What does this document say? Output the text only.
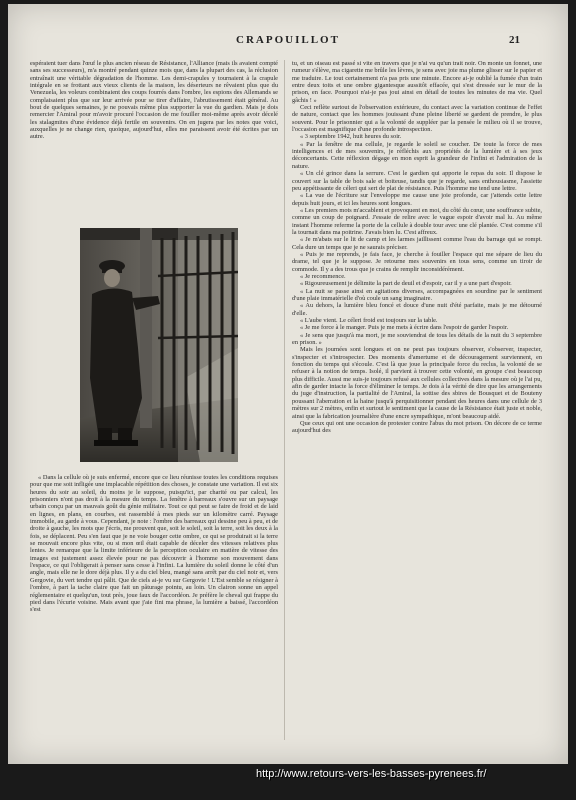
CRAPOUILLOT	21

espéraient tuer dans l'œuf le plus ancien réseau de Résistance, l'Alliance (mais ils avaient compté sans ses successeurs), m'a montré pendant quinze mois que, dans la plupart des cas, la réclusion entraînait une véritable dégradation de l'homme. Les demi-crapules y tournaient à la crapule intégrale en se frottant aux vieux clients de la maison, les déserteurs ne rêvaient plus que du Venezuela, les voleurs combinaient des coups fourrés dans l'ombre, les espions des Allemands se complaisaient plus que sur leur arrivée pour se tirer d'affaire, l'abrutissement était général. Au bout de quelques semaines, je ne pouvais même plus supporter la vue du gardien. Mais je dois remercier l'Amiral pour m'avoir procuré l'occasion de me fouiller moi-même après avoir décelé les stalagmites d'une évidence déjà fertile en souvenirs. On en jugera par les notes que voici, auxquelles je ne change rien, quoique, aujourd'hui, elles me paraissent avoir été écrites par un autre.

« Dans la cellule où je suis enfermé, encore que ce lieu réunisse toutes les conditions requises pour que me soit infligée une implacable répétition des choses, je constate une variation. Il est six heures du soir au soleil, du moins je le suppose, puisqu'ici, par charité ou par calcul, les prisonniers n'ont pas droit à la mesure du temps. La fenêtre à barreaux s'ouvre sur un paysage urbain conçu par un mauvais goût du génie militaire. Tout ce qui peut se faire de froid et de laid en lignes, en plans, en courbes, est rassemblé à mes pieds sur un kilomètre carré. Paysage immobile, au garde à vous. Cependant, je note : l'ombre des barreaux qui dessine peu à peu, et de droite à gauche, les mots que j'écris, me prouvent que, soit le soleil, soit la terre, soit les deux à la fois, se déplacent. Peu s'en faut que je ne voie bouger cette ombre, ce qui se produirait si la terre se mouvait encore plus vite, ou si mon œil était capable de déceler des vitesses relatives plus lentes. Je remarque que la limite inférieure de la perception oculaire en matière de vitesse des images est justement assez élevée pour ne pas découvrir à l'homme son mouvement dans l'espace, ce qui l'obligerait à penser sans cesse à l'infini. La lumière du soleil donne le côté d'un angle, mais elle ne le dore déjà plus. Il y a du ciel bleu, mangé sans arrêt par du ciel noir et, vers Gergovie, du vert tendre qui pâlit. Que de ciels ai-je vu sur Gergovie ! L'Est semble se résigner à l'ombre, à part la tache claire que fait un pâturage pointu, au loin. Un clairon sonne un appel réglementaire et quelqu'un, tout près, joue faux de l'accordéon. Je préfère le cheval qui frappe du pied dans l'écurie voisine. Mais avant que j'aie fini ma phrase, la lumière a baissé, l'accordéon s'est

tu, et un oiseau est passé si vite en travers que je n'ai vu qu'un trait noir. On monte un fonnet, une rumeur s'élève, ma cigarette me brûle les lèvres, je sens avec joie ma plume glisser sur le papier et me traduire. Le tout certainement n'a pas pris une minute. Encore ai-je oublié la fumée d'un train entre deux toits et une ombre gigantesque aussitôt effacée, qui s'est dressée sur le mur de la prison, en face. Pourquoi n'ai-je pas joui ainsi en détail de toutes les minutes de ma vie. Quel gâchis ! »

Ceci reflète surtout de l'observation extérieure, du contact avec la variation continue de l'effet de nature, contact que les hommes jouissant d'une pleine liberté se gardent de prendre, le plus souvent. Pour le prisonnier qui a la volonté de suppléer par la pensée le milieu où il se trouve, l'occasion est magnifique d'une profonde introspection.

« 3 septembre 1942, huit heures du soir.

« Par la fenêtre de ma cellule, je regarde le soleil se coucher. De toute la force de mes intelligences et de mes souvenirs, je réfléchis aux propriétés de la lumière et à ses jeux déconcertants. Cette réflexion dégage en mon esprit la grandeur de l'infini et l'admiration de la nature.

« Un clé grince dans la serrure. C'est le gardien qui apporte le repas du soir. Il dispose le couvert sur la table de bois sale et boiteuse, tandis que je regarde, sans enthousiasme, l'assiette peu appétissante de céleri qui sert de plat de résistance. Puis l'homme me tend une lettre.

« La vue de l'écriture sur l'enveloppe me cause une joie profonde, car j'attends cette lettre depuis huit jours, et ici les heures sont longues.

« Les premiers mots m'accablent et provoquent en moi, du côté du cœur, une souffrance subite, comme un coup de poignard. J'essaie de relire avec le vague espoir d'avoir mal lu. Au même instant l'homme referme la porte de la cellule à double tour avec une clé plantée. C'est comme s'il la tournait dans ma poitrine. J'avais bien lu. C'est affreux.

« Je m'abats sur le lit de camp et les larmes jaillissent comme l'eau du barrage qui se rompt. Cela dure un temps que je ne saurais préciser.

« Puis je me reprends, je fais face, je cherche à fouiller l'espace qui me sépare de lieu du drame, tel que je le suppose. Je retourne mes souvenirs en tous sens, comme un tiroir de commode. Il y a des trous que je crains de remplir inconsidérément.

« Je recommence.

« Rigoureusement je délimite la part de deuil et d'espoir, car il y a une part d'espoir.

« La nuit se passe ainsi en agitations diverses, accompagnées en sourdine par le sentiment d'une plaie immatérielle d'où coule un sang imaginaire.

« Au dehors, la lumière bleu foncé et douce d'une nuit d'été parfaite, mais je me détourné d'elle.

« L'aube vient. Le céleri froid est toujours sur la table.

« Je me force à le manger. Puis je me mets à écrire dans l'espoir de garder l'espoir.

« Je sens que jusqu'à ma mort, je me souviendrai de tous les détails de la nuit du 3 septembre en prison. »

Mais les journées sont longues et on ne peut pas toujours observer, s'observer, inspecter, s'inspecter et s'introspecter. Des moments d'amertume et de découragement surviennent, en fonction du temps qui s'écoule. C'est là que joue la principale force du reclus, la volonté de se refuser à la notion de temps. Isolé, il parvient à trouver cette volonté, en groupe c'est beaucoup plus difficile. Aussi me suis-je toujours refusé aux cellules collectives dans la mesure où je l'ai pu, afin de garder intacte la force d'éliminer le temps. Je dois à la vérité de dire que les arrangements du juge d'instruction, la partialité de l'Amiral, la sottise des sbires de Bousquet et de Bouteny poussant l'aberration et la haine jusqu'à perquisitionner pendant des heures dans une cellule de 3 mètres sur 2 mètres, enfin et surtout le sentiment que la cause de la Résistance était juste et noble, ainsi que la fabrication journalière d'une encre sympathique, m'ont beaucoup aidé.

Que ceux qui ont une occasion de protester contre l'abus du mot prison. On décore de ce terme aujourd'hui des

http://www.retours-vers-les-basses-pyrenees.fr/
